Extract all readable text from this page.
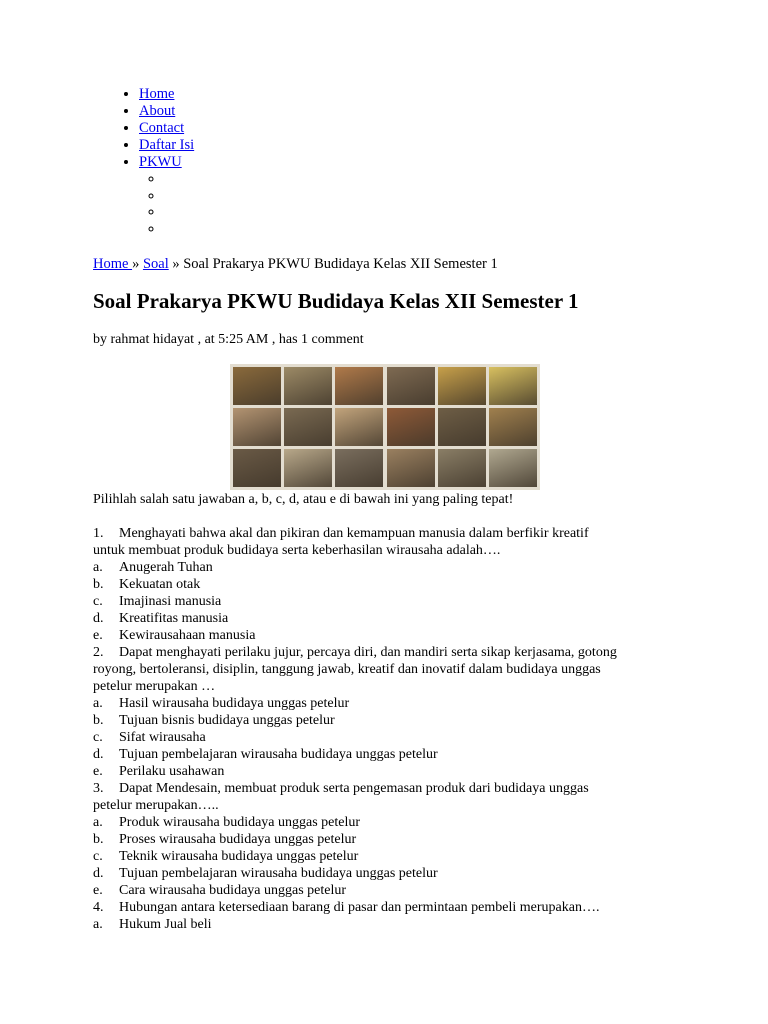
• Home
• About
• Contact
• Daftar Isi
• PKWU
◦
◦
◦
◦
Home » Soal » Soal Prakarya PKWU Budidaya Kelas XII Semester 1
Soal Prakarya PKWU Budidaya Kelas XII Semester 1
by rahmat hidayat , at 5:25 AM , has 1 comment

Pilihlah salah satu jawaban a, b, c, d, atau e di bawah ini yang paling tepat!

1. Menghayati bahwa akal dan pikiran dan kemampuan manusia dalam berfikir kreatif

untuk membuat produk budidaya serta keberhasilan wirausaha adalah….

a. Anugerah Tuhan

b. Kekuatan otak

c. Imajinasi manusia

d. Kreatifitas manusia

e. Kewirausahaan manusia

2. Dapat menghayati perilaku jujur, percaya diri, dan mandiri serta sikap kerjasama, gotong

royong, bertoleransi, disiplin, tanggung jawab, kreatif dan inovatif dalam budidaya unggas

petelur merupakan …

a. Hasil wirausaha budidaya unggas petelur

b. Tujuan bisnis budidaya unggas petelur

c. Sifat wirausaha

d. Tujuan pembelajaran wirausaha budidaya unggas petelur

e. Perilaku usahawan

3. Dapat Mendesain, membuat produk serta pengemasan produk dari budidaya unggas

petelur merupakan…..

a. Produk wirausaha budidaya unggas petelur

b. Proses wirausaha budidaya unggas petelur

c. Teknik wirausaha budidaya unggas petelur

d. Tujuan pembelajaran wirausaha budidaya unggas petelur

e. Cara wirausaha budidaya unggas petelur

4. Hubungan antara ketersediaan barang di pasar dan permintaan pembeli merupakan….

a. Hukum Jual beli
